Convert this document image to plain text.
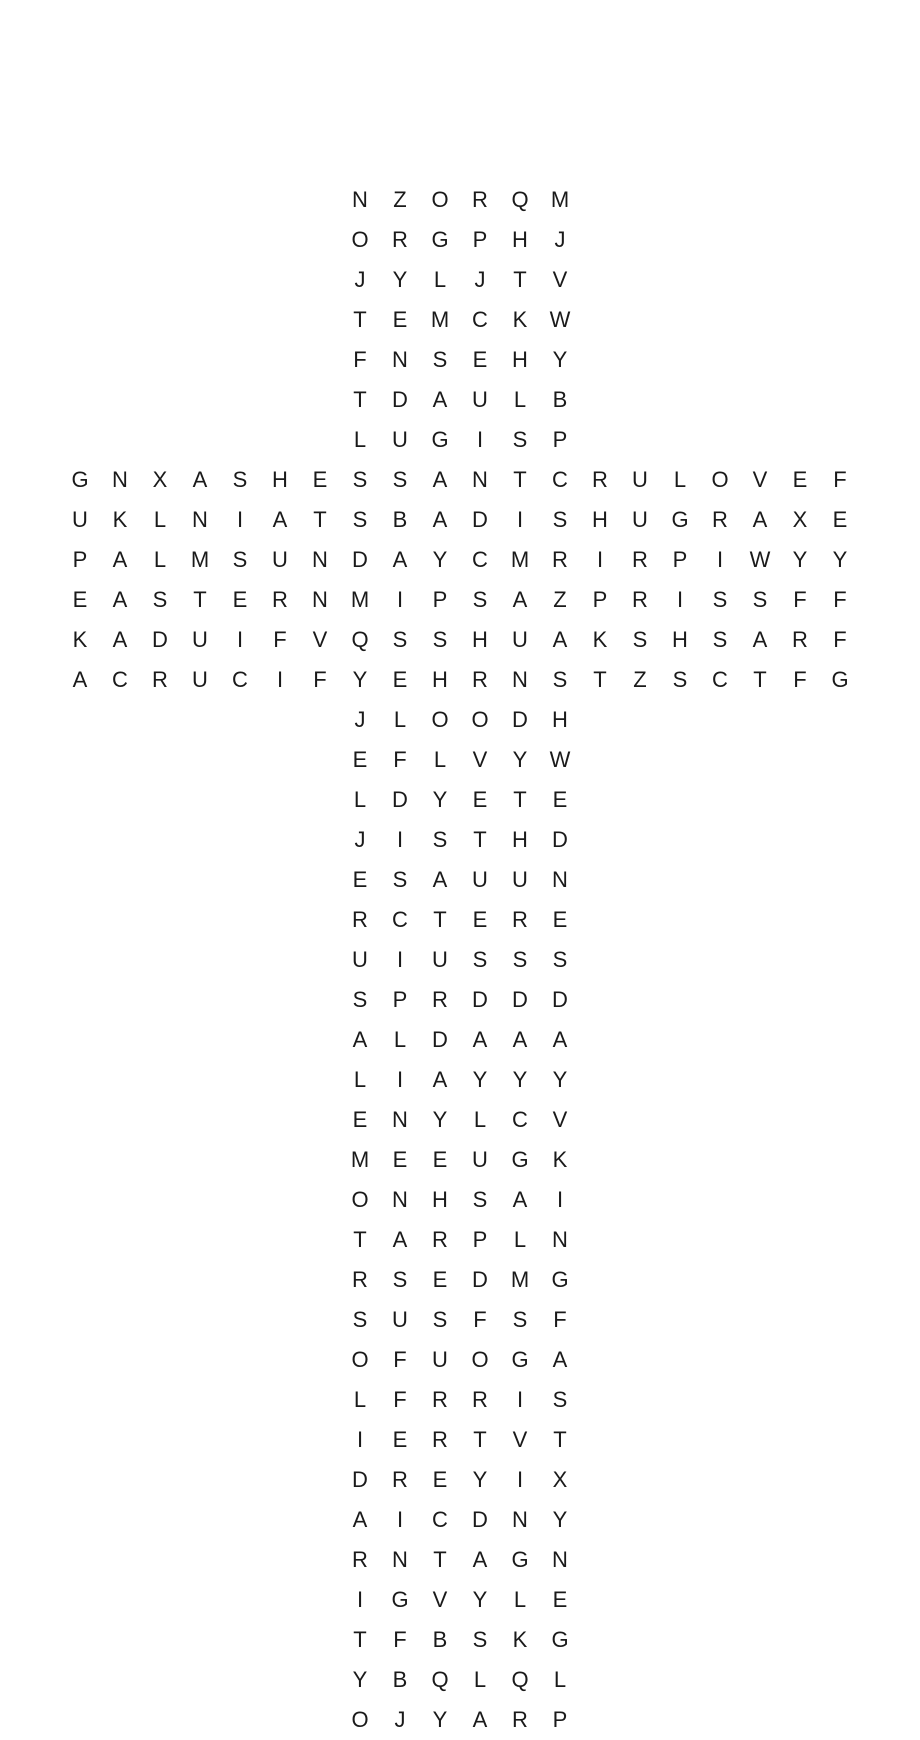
N	Z	O	R	Q	M
O	R	G	P	H	J
J	Y	L	J	T	V
T	E	M	C	K	W
F	N	S	E	H	Y
T	D	A	U	L	B
L	U	G	I	S	P
G	N	X	A	S	H	E	S	S	A	N	T	C	R	U	L	O	V	E	F
U	K	L	N	I	A	T	S	B	A	D	I	S	H	U	G	R	A	X	E
P	A	L	M	S	U	N	D	A	Y	C	M	R	I	R	P	I	W	Y	Y
E	A	S	T	E	R	N	M	I	P	S	A	Z	P	R	I	S	S	F	F
K	A	D	U	I	F	V	Q	S	S	H	U	A	K	S	H	S	A	R	F
A	C	R	U	C	I	F	Y	E	H	R	N	S	T	Z	S	C	T	F	G
J	L	O	O	D	H
E	F	L	V	Y	W
L	D	Y	E	T	E
J	I	S	T	H	D
E	S	A	U	U	N
R	C	T	E	R	E
U	I	U	S	S	S
S	P	R	D	D	D
A	L	D	A	A	A
L	I	A	Y	Y	Y
E	N	Y	L	C	V
M	E	E	U	G	K
O	N	H	S	A	I
T	A	R	P	L	N
R	S	E	D	M	G
S	U	S	F	S	F
O	F	U	O	G	A
L	F	R	R	I	S
I	E	R	T	V	T
D	R	E	Y	I	X
A	I	C	D	N	Y
R	N	T	A	G	N
I	G	V	Y	L	E
T	F	B	S	K	G
Y	B	Q	L	Q	L
O	J	Y	A	R	P
